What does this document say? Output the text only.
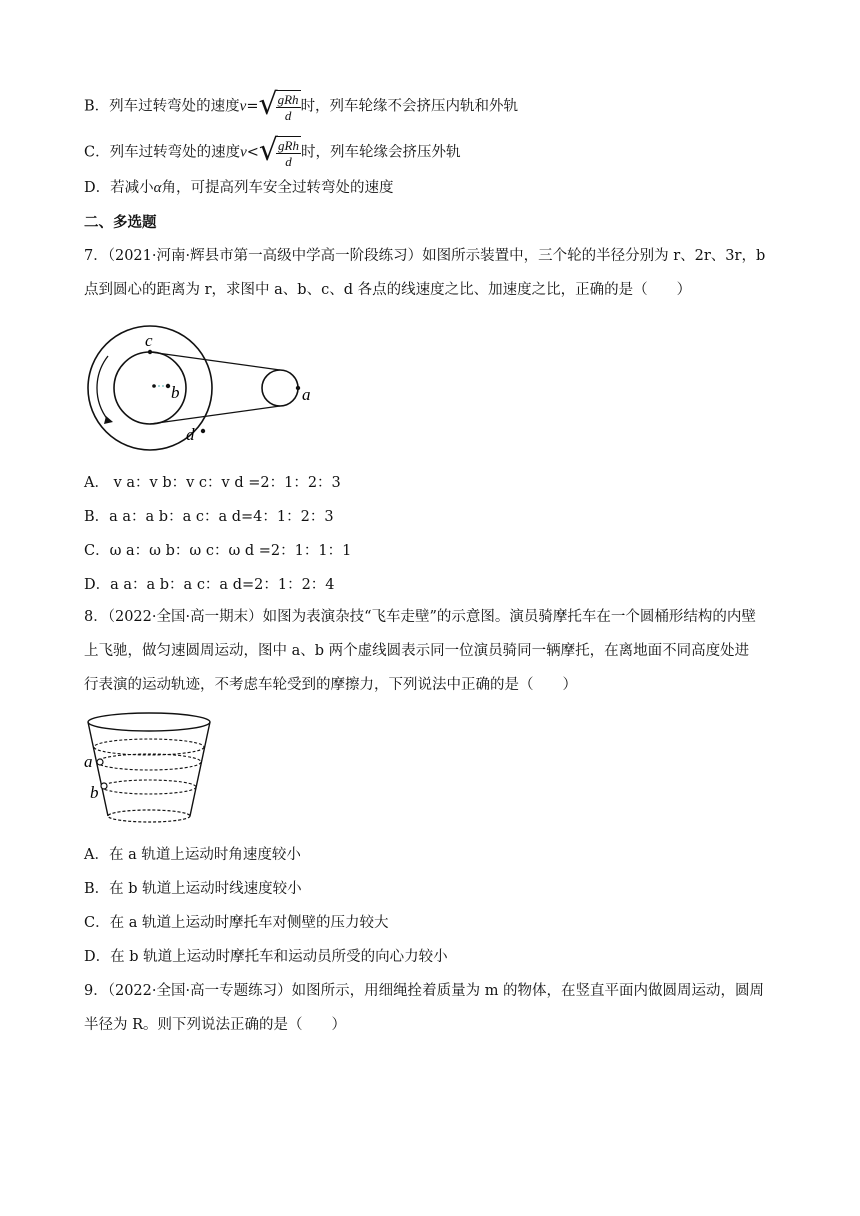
B．列车过转弯处的速度v= √
$\frac{\text{gRh}}{d}$ 时，列车轮缘不会挤压内轨和外轨
C．列车过转弯处的速度v< √
$\frac{\text{gRh}}{d}$ 时，列车轮缘会挤压外轨
D．若减小α角，可提高列车安全过转弯处的速度
二、多选题
7．（2021·河南·辉县市第一高级中学高一阶段练习）如图所示装置中，三个轮的半径分别为 r、2r、3r，b
点到圆心的距离为 r，求图中 a、b、c、d 各点的线速度之比、加速度之比，正确的是（　　）
c
b	a
d
A． v a：v b：v c：v d =2：1：2：3
B．a a：a b：a c：a d=4：1：2：3
C．ω a：ω b：ω c：ω d =2：1：1：1
D．a a：a b：a c：a d=2：1：2：4
8．（2022·全国·高一期末）如图为表演杂技“飞车走壁”的示意图。演员骑摩托车在一个圆桶形结构的内壁
上飞驰，做匀速圆周运动，图中 a、b 两个虚线圆表示同一位演员骑同一辆摩托，在离地面不同高度处进
行表演的运动轨迹，不考虑车轮受到的摩擦力，下列说法中正确的是（　　）
a
b
A．在 a 轨道上运动时角速度较小
B．在 b 轨道上运动时线速度较小
C．在 a 轨道上运动时摩托车对侧壁的压力较大
D．在 b 轨道上运动时摩托车和运动员所受的向心力较小
9．（2022·全国·高一专题练习）如图所示，用细绳拴着质量为 m 的物体，在竖直平面内做圆周运动，圆周
半径为 R。则下列说法正确的是（　　）
